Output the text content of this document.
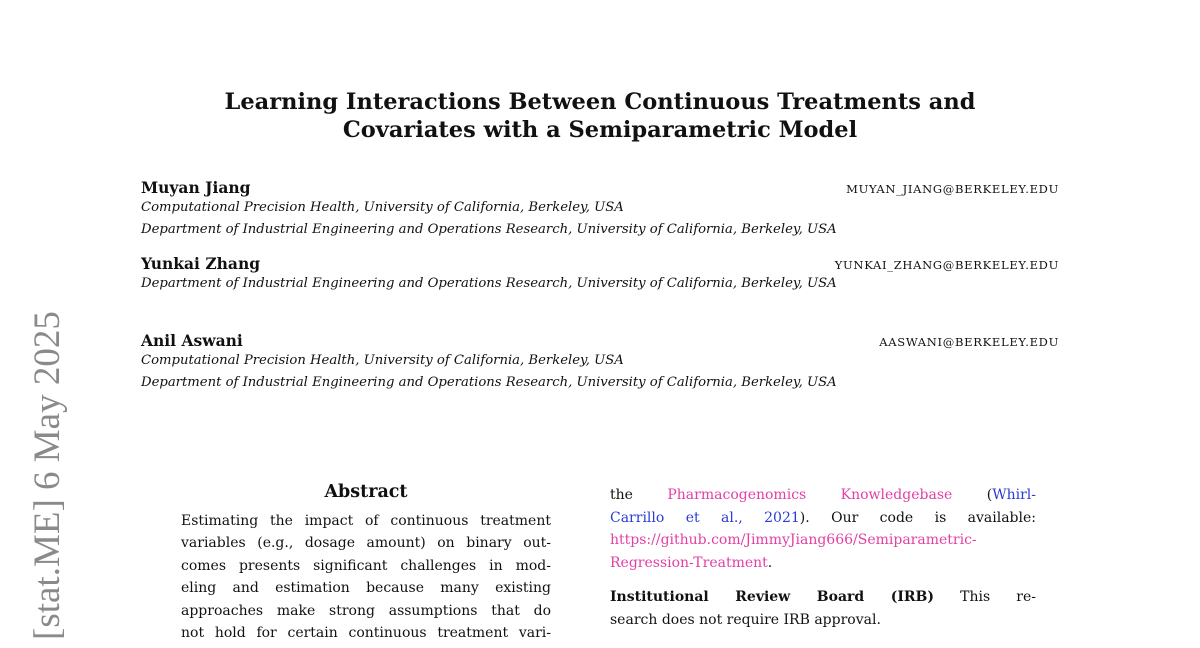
[stat.ME] 6 May 2025
Learning Interactions Between Continuous Treatments and
Covariates with a Semiparametric Model
Muyan Jiang	MUYAN_JIANG@BERKELEY.EDU
Computational Precision Health, University of California, Berkeley, USA
Department of Industrial Engineering and Operations Research, University of California, Berkeley, USA
Yunkai Zhang	YUNKAI_ZHANG@BERKELEY.EDU
Department of Industrial Engineering and Operations Research, University of California, Berkeley, USA
Anil Aswani	AASWANI@BERKELEY.EDU
Computational Precision Health, University of California, Berkeley, USA
Department of Industrial Engineering and Operations Research, University of California, Berkeley, USA
Abstract
Estimating the impact of continuous treatment
variables (e.g., dosage amount) on binary out-
comes presents significant challenges in mod-
eling and estimation because many existing
approaches make strong assumptions that do
not hold for certain continuous treatment vari-
the Pharmacogenomics Knowledgebase (Whirl-
Carrillo et al., 2021). Our code is available:
https://github.com/JimmyJiang666/Semiparametric-
Regression-Treatment.
Institutional Review Board (IRB) This re-
search does not require IRB approval.
